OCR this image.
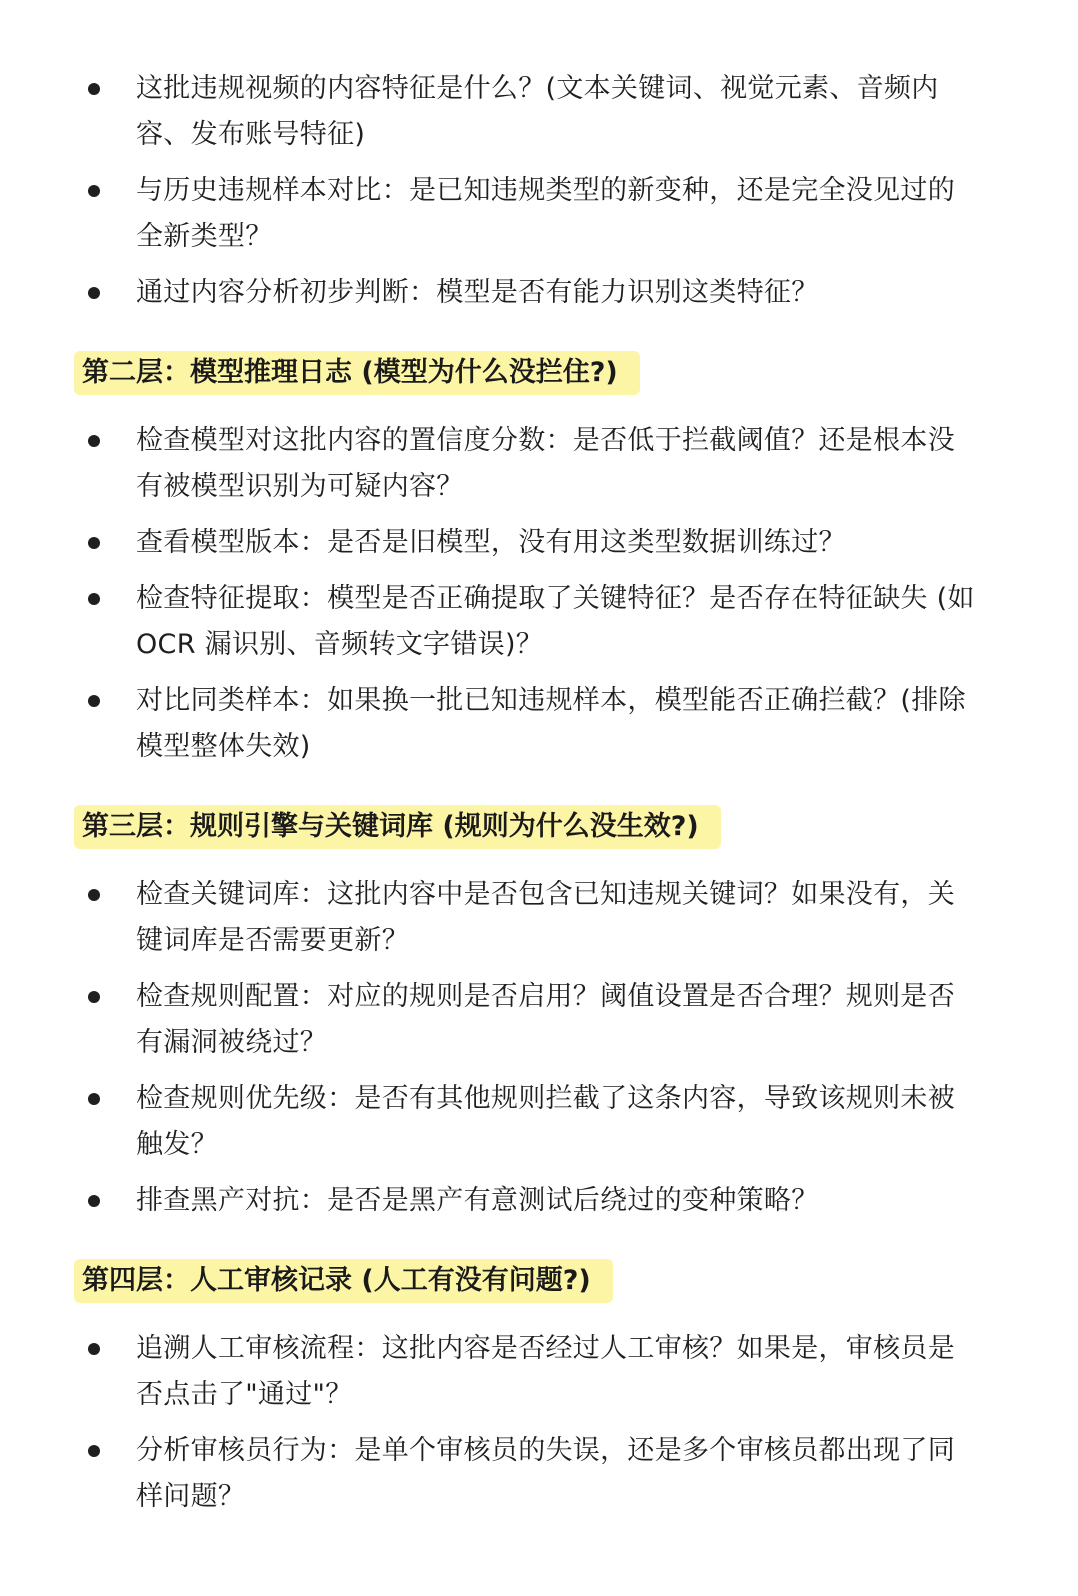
这批违规视频的内容特征是什么？(文本关键词、视觉元素、音频内容、发布账号特征)
与历史违规样本对比：是已知违规类型的新变种，还是完全没见过的全新类型？
通过内容分析初步判断：模型是否有能力识别这类特征？
第二层：模型推理日志 (模型为什么没拦住?)
检查模型对这批内容的置信度分数：是否低于拦截阈值？还是根本没有被模型识别为可疑内容？
查看模型版本：是否是旧模型，没有用这类型数据训练过？
检查特征提取：模型是否正确提取了关键特征？是否存在特征缺失 (如 OCR 漏识别、音频转文字错误)？
对比同类样本：如果换一批已知违规样本，模型能否正确拦截？(排除模型整体失效)
第三层：规则引擎与关键词库 (规则为什么没生效?)
检查关键词库：这批内容中是否包含已知违规关键词？如果没有，关键词库是否需要更新？
检查规则配置：对应的规则是否启用？阈值设置是否合理？规则是否有漏洞被绕过？
检查规则优先级：是否有其他规则拦截了这条内容，导致该规则未被触发？
排查黑产对抗：是否是黑产有意测试后绕过的变种策略？
第四层：人工审核记录 (人工有没有问题?)
追溯人工审核流程：这批内容是否经过人工审核？如果是，审核员是否点击了"通过"？
分析审核员行为：是单个审核员的失误，还是多个审核员都出现了同样问题？
